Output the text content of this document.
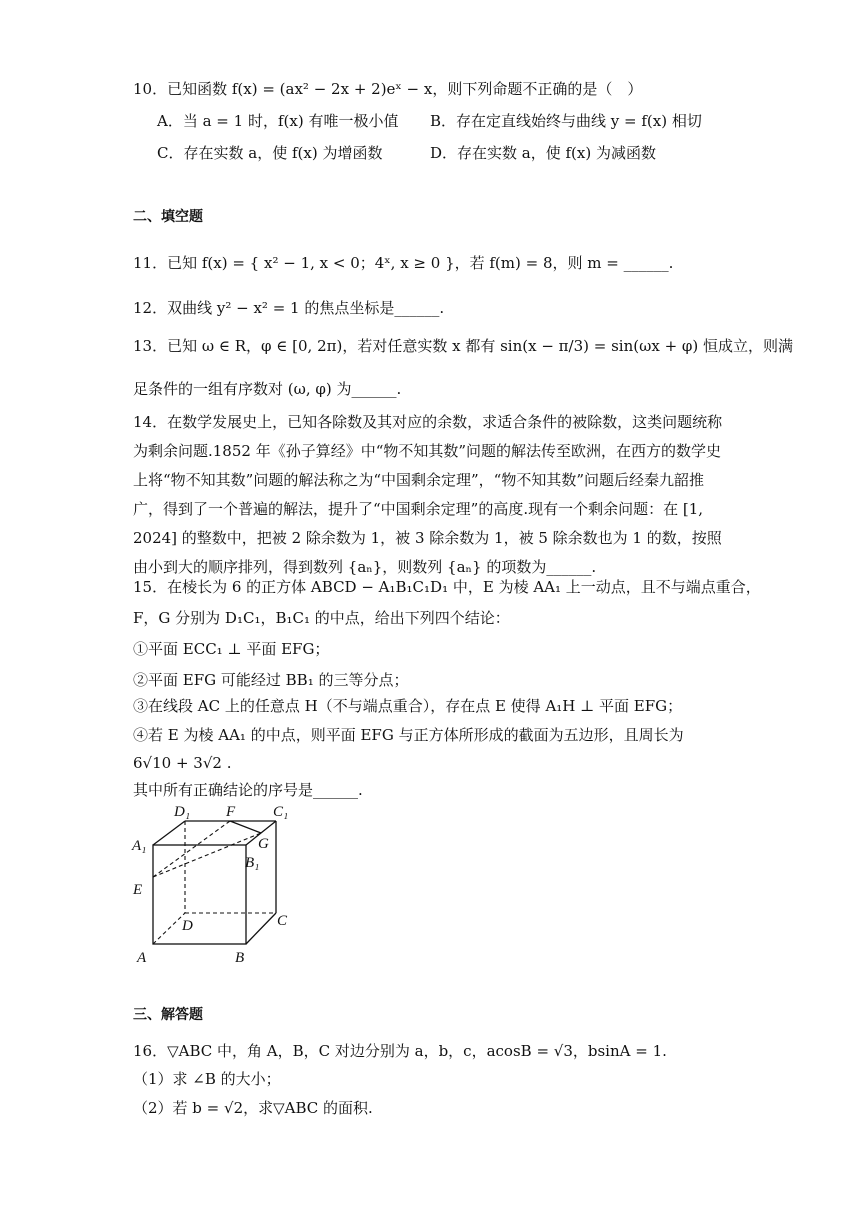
10．已知函数 f(x) = (ax² − 2x + 2)eˣ − x，则下列命题不正确的是（　）
A．当 a = 1 时，f(x) 有唯一极小值 B．存在定直线始终与曲线 y = f(x) 相切
C．存在实数 a，使 f(x) 为增函数	D．存在实数 a，使 f(x) 为减函数
二、填空题
11．已知 f(x) = { x² − 1, x < 0；4ˣ, x ≥ 0 }，若 f(m) = 8，则 m = ______.
12．双曲线 y² − x² = 1 的焦点坐标是______.
13．已知 ω ∈ R，φ ∈ [0, 2π)，若对任意实数 x 都有 sin(x − π/3) = sin(ωx + φ) 恒成立，则满
足条件的一组有序数对 (ω, φ) 为______.
14．在数学发展史上，已知各除数及其对应的余数，求适合条件的被除数，这类问题统称为剩余问题.1852 年《孙子算经》中“物不知其数”问题的解法传至欧洲，在西方的数学史上将“物不知其数”问题的解法称之为“中国剩余定理”，“物不知其数”问题后经秦九韶推广，得到了一个普遍的解法，提升了“中国剩余定理”的高度.现有一个剩余问题：在 [1, 2024] 的整数中，把被 2 除余数为 1，被 3 除余数为 1，被 5 除余数也为 1 的数，按照由小到大的顺序排列，得到数列 {aₙ}，则数列 {aₙ} 的项数为______.
15．在棱长为 6 的正方体 ABCD − A₁B₁C₁D₁ 中，E 为棱 AA₁ 上一动点，且不与端点重合，
F，G 分别为 D₁C₁，B₁C₁ 的中点，给出下列四个结论：
①平面 ECC₁ ⊥ 平面 EFG；
②平面 EFG 可能经过 BB₁ 的三等分点；
③在线段 AC 上的任意点 H（不与端点重合），存在点 E 使得 A₁H ⊥ 平面 EFG；
④若 E 为棱 AA₁ 的中点，则平面 EFG 与正方体所形成的截面为五边形，且周长为
6√10 + 3√2 .
其中所有正确结论的序号是______.
D₁ F	C₁
A₁	G
B₁
E
D	C
A	B
三、解答题
16．▽ABC 中，角 A，B，C 对边分别为 a，b，c，acosB = √3，bsinA = 1.
（1）求 ∠B 的大小；
（2）若 b = √2，求▽ABC 的面积.
